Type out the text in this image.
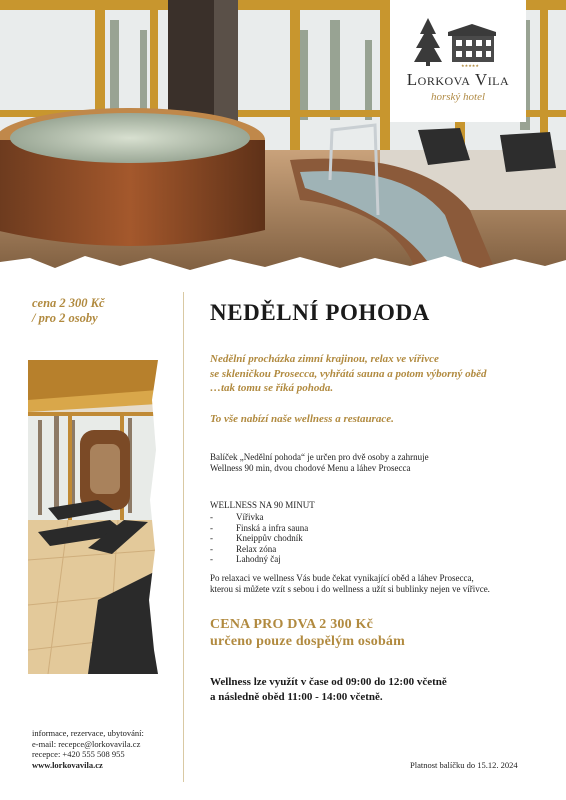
★★★★★
Lorkova Vila
horský hotel
cena 2 300 Kč
/ pro 2 osoby
informace, rezervace, ubytování:
e-mail: recepce@lorkovavila.cz
recepce: +420 555 508 955
www.lorkovavila.cz
NEDĚLNÍ POHODA
Nedělní procházka zimní krajinou, relax ve vířivce
se skleničkou Prosecca, vyhřátá sauna a potom výborný oběd
…tak tomu se říká pohoda.
To vše nabízí naše wellness a restaurace.
Balíček „Nedělní pohoda“ je určen pro dvě osoby a zahrnuje
Wellness 90 min, dvou chodové Menu a láhev Prosecca
WELLNESS NA 90 MINUT
-	Vířivka
-	Finská a infra sauna
-	Kneippův chodník
-	Relax zóna
-	Lahodný čaj
Po relaxaci ve wellness Vás bude čekat vynikající oběd a láhev Prosecca,
kterou si můžete vzít s sebou i do wellness a užít si bublinky nejen ve vířivce.
CENA PRO DVA 2 300 Kč
určeno pouze dospělým osobám
Wellness lze využít v čase od 09:00 do 12:00 včetně
a následně oběd 11:00 - 14:00 včetně.
Platnost balíčku do 15.12. 2024
